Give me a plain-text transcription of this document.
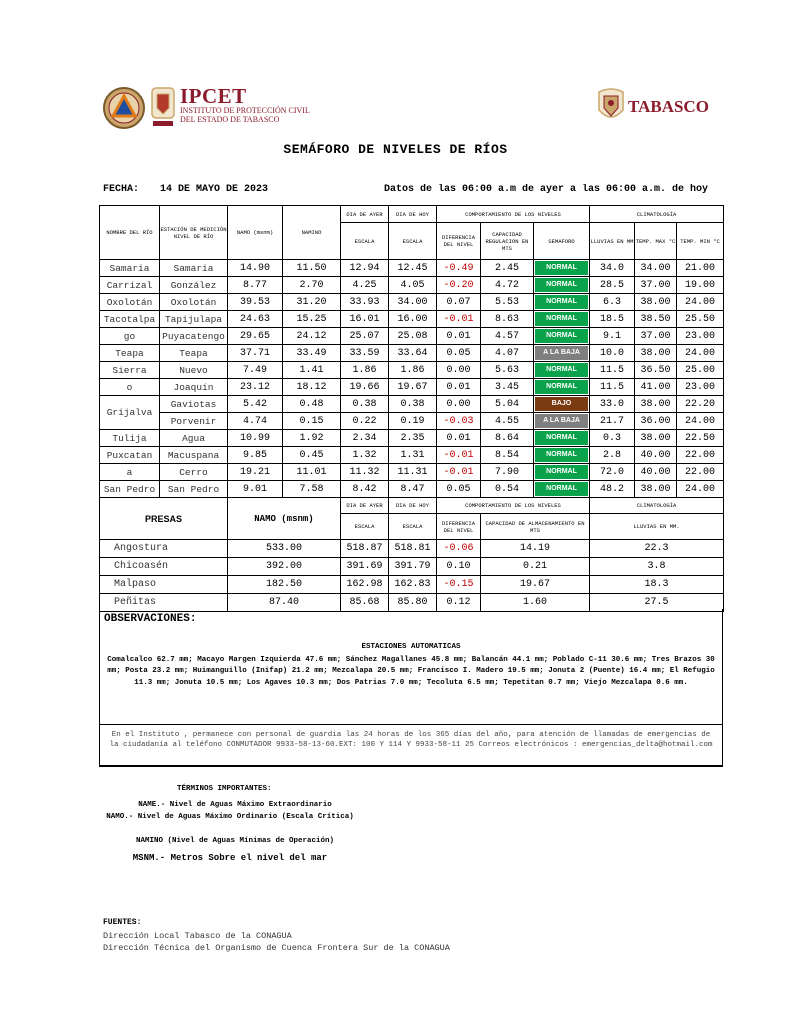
IPCET
INSTITUTO DE PROTECCIÓN CIVIL
DEL ESTADO DE TABASCO
TABASCO
SEMÁFORO DE NIVELES DE RÍOS
FECHA: 14 DE MAYO DE 2023	Datos de las 06:00 a.m de ayer a las 06:00 a.m. de hoy
NOMBRE DEL RÍO	ESTACIÓN DE MEDICIÓN NIVEL DE RÍO	NAMO (msnm)	NAMINO	DIA DE AYER	DIA DE HOY	COMPORTAMIENTO DE LOS NIVELES			CLIMATOLOGÍA		
				ESCALA	ESCALA	DIFERENCIA DEL NIVEL	CAPACIDAD REGULACION EN MTS	SEMAFORO	LLUVIAS EN MM	TEMP. MAX °C	TEMP. MIN °C
Samaria	Samaria	14.90	11.50	12.94	12.45	-0.49	2.45	NORMAL	34.0	34.00	21.00
Carrizal	González	8.77	2.70	4.25	4.05	-0.20	4.72	NORMAL	28.5	37.00	19.00
Oxolotán	Oxolotán	39.53	31.20	33.93	34.00	0.07	5.53	NORMAL	6.3	38.00	24.00
Tacotalpa	Tapijulapa	24.63	15.25	16.01	16.00	-0.01	8.63	NORMAL	18.5	38.50	25.50
go	Puyacatengo	29.65	24.12	25.07	25.08	0.01	4.57	NORMAL	9.1	37.00	23.00
Teapa	Teapa	37.71	33.49	33.59	33.64	0.05	4.07	A LA BAJA	10.0	38.00	24.00
Sierra	Nuevo	7.49	1.41	1.86	1.86	0.00	5.63	NORMAL	11.5	36.50	25.00
o	Joaquín	23.12	18.12	19.66	19.67	0.01	3.45	NORMAL	11.5	41.00	23.00
Grijalva	Gaviotas	5.42	0.48	0.38	0.38	0.00	5.04	BAJO	33.0	38.00	22.20
	Porvenir	4.74	0.15	0.22	0.19	-0.03	4.55	A LA BAJA	21.7	36.00	24.00
Tulija	Agua	10.99	1.92	2.34	2.35	0.01	8.64	NORMAL	0.3	38.00	22.50
Puxcatan	Macuspana	9.85	0.45	1.32	1.31	-0.01	8.54	NORMAL	2.8	40.00	22.00
a	Cerro	19.21	11.01	11.32	11.31	-0.01	7.90	NORMAL	72.0	40.00	22.00
San Pedro	San Pedro	9.01	7.58	8.42	8.47	0.05	0.54	NORMAL	48.2	38.00	24.00
PRESAS		NAMO (msnm)		DIA DE AYER	DIA DE HOY	COMPORTAMIENTO DE LOS NIVELES			CLIMATOLOGÍA		
				ESCALA	ESCALA	DIFERENCIA DEL NIVEL	CAPACIDAD DE ALMACENAMIENTO EN MTS		LLUVIAS EN MM.		
Angostura		533.00		518.87	518.81	-0.06	14.19		22.3		
Chicoasén		392.00		391.69	391.79	0.10	0.21		3.8		
Malpaso		182.50		162.98	162.83	-0.15	19.67		18.3		
Peñitas		87.40		85.68	85.80	0.12	1.60		27.5		
OBSERVACIONES:
ESTACIONES AUTOMATICAS
Comalcalco 62.7 mm; Macayo Margen Izquierda 47.6 mm; Sánchez Magallanes 45.8 mm; Balancán 44.1 mm; Poblado C-11 30.6 mm; Tres Brazos 30 mm; Posta 23.2 mm; Huimanguillo (Inifap) 21.2 mm; Mezcalapa 20.5 mm; Francisco I. Madero 19.5 mm; Jonuta 2 (Puente) 16.4 mm; El Refugio 11.3 mm; Jonuta 10.5 mm; Los Agaves 10.3 mm; Dos Patrias 7.0 mm; Tecoluta 6.5 mm; Tepetitan 0.7 mm; Viejo Mezcalapa 0.6 mm.
En el Instituto , permanece con personal de guardia las 24 horas de los 365 días del año, para atención de llamadas de emergencias de la ciudadanía al teléfono CONMUTADOR 9933-58-13-60.EXT: 100 Y 114 Y 9933-58-11 25 Correos electrónicos : emergencias_delta@hotmail.com
TÉRMINOS IMPORTANTES:
NAME.- Nivel de Aguas Máximo Extraordinario
NAMO.- Nivel de Aguas Máximo Ordinario (Escala Crítica)
NAMINO (Nivel de Aguas Mínimas de Operación)
MSNM.- Metros Sobre el nivel del mar
FUENTES:
Dirección Local Tabasco de la CONAGUA
Dirección Técnica del Organismo de Cuenca Frontera Sur de la CONAGUA
